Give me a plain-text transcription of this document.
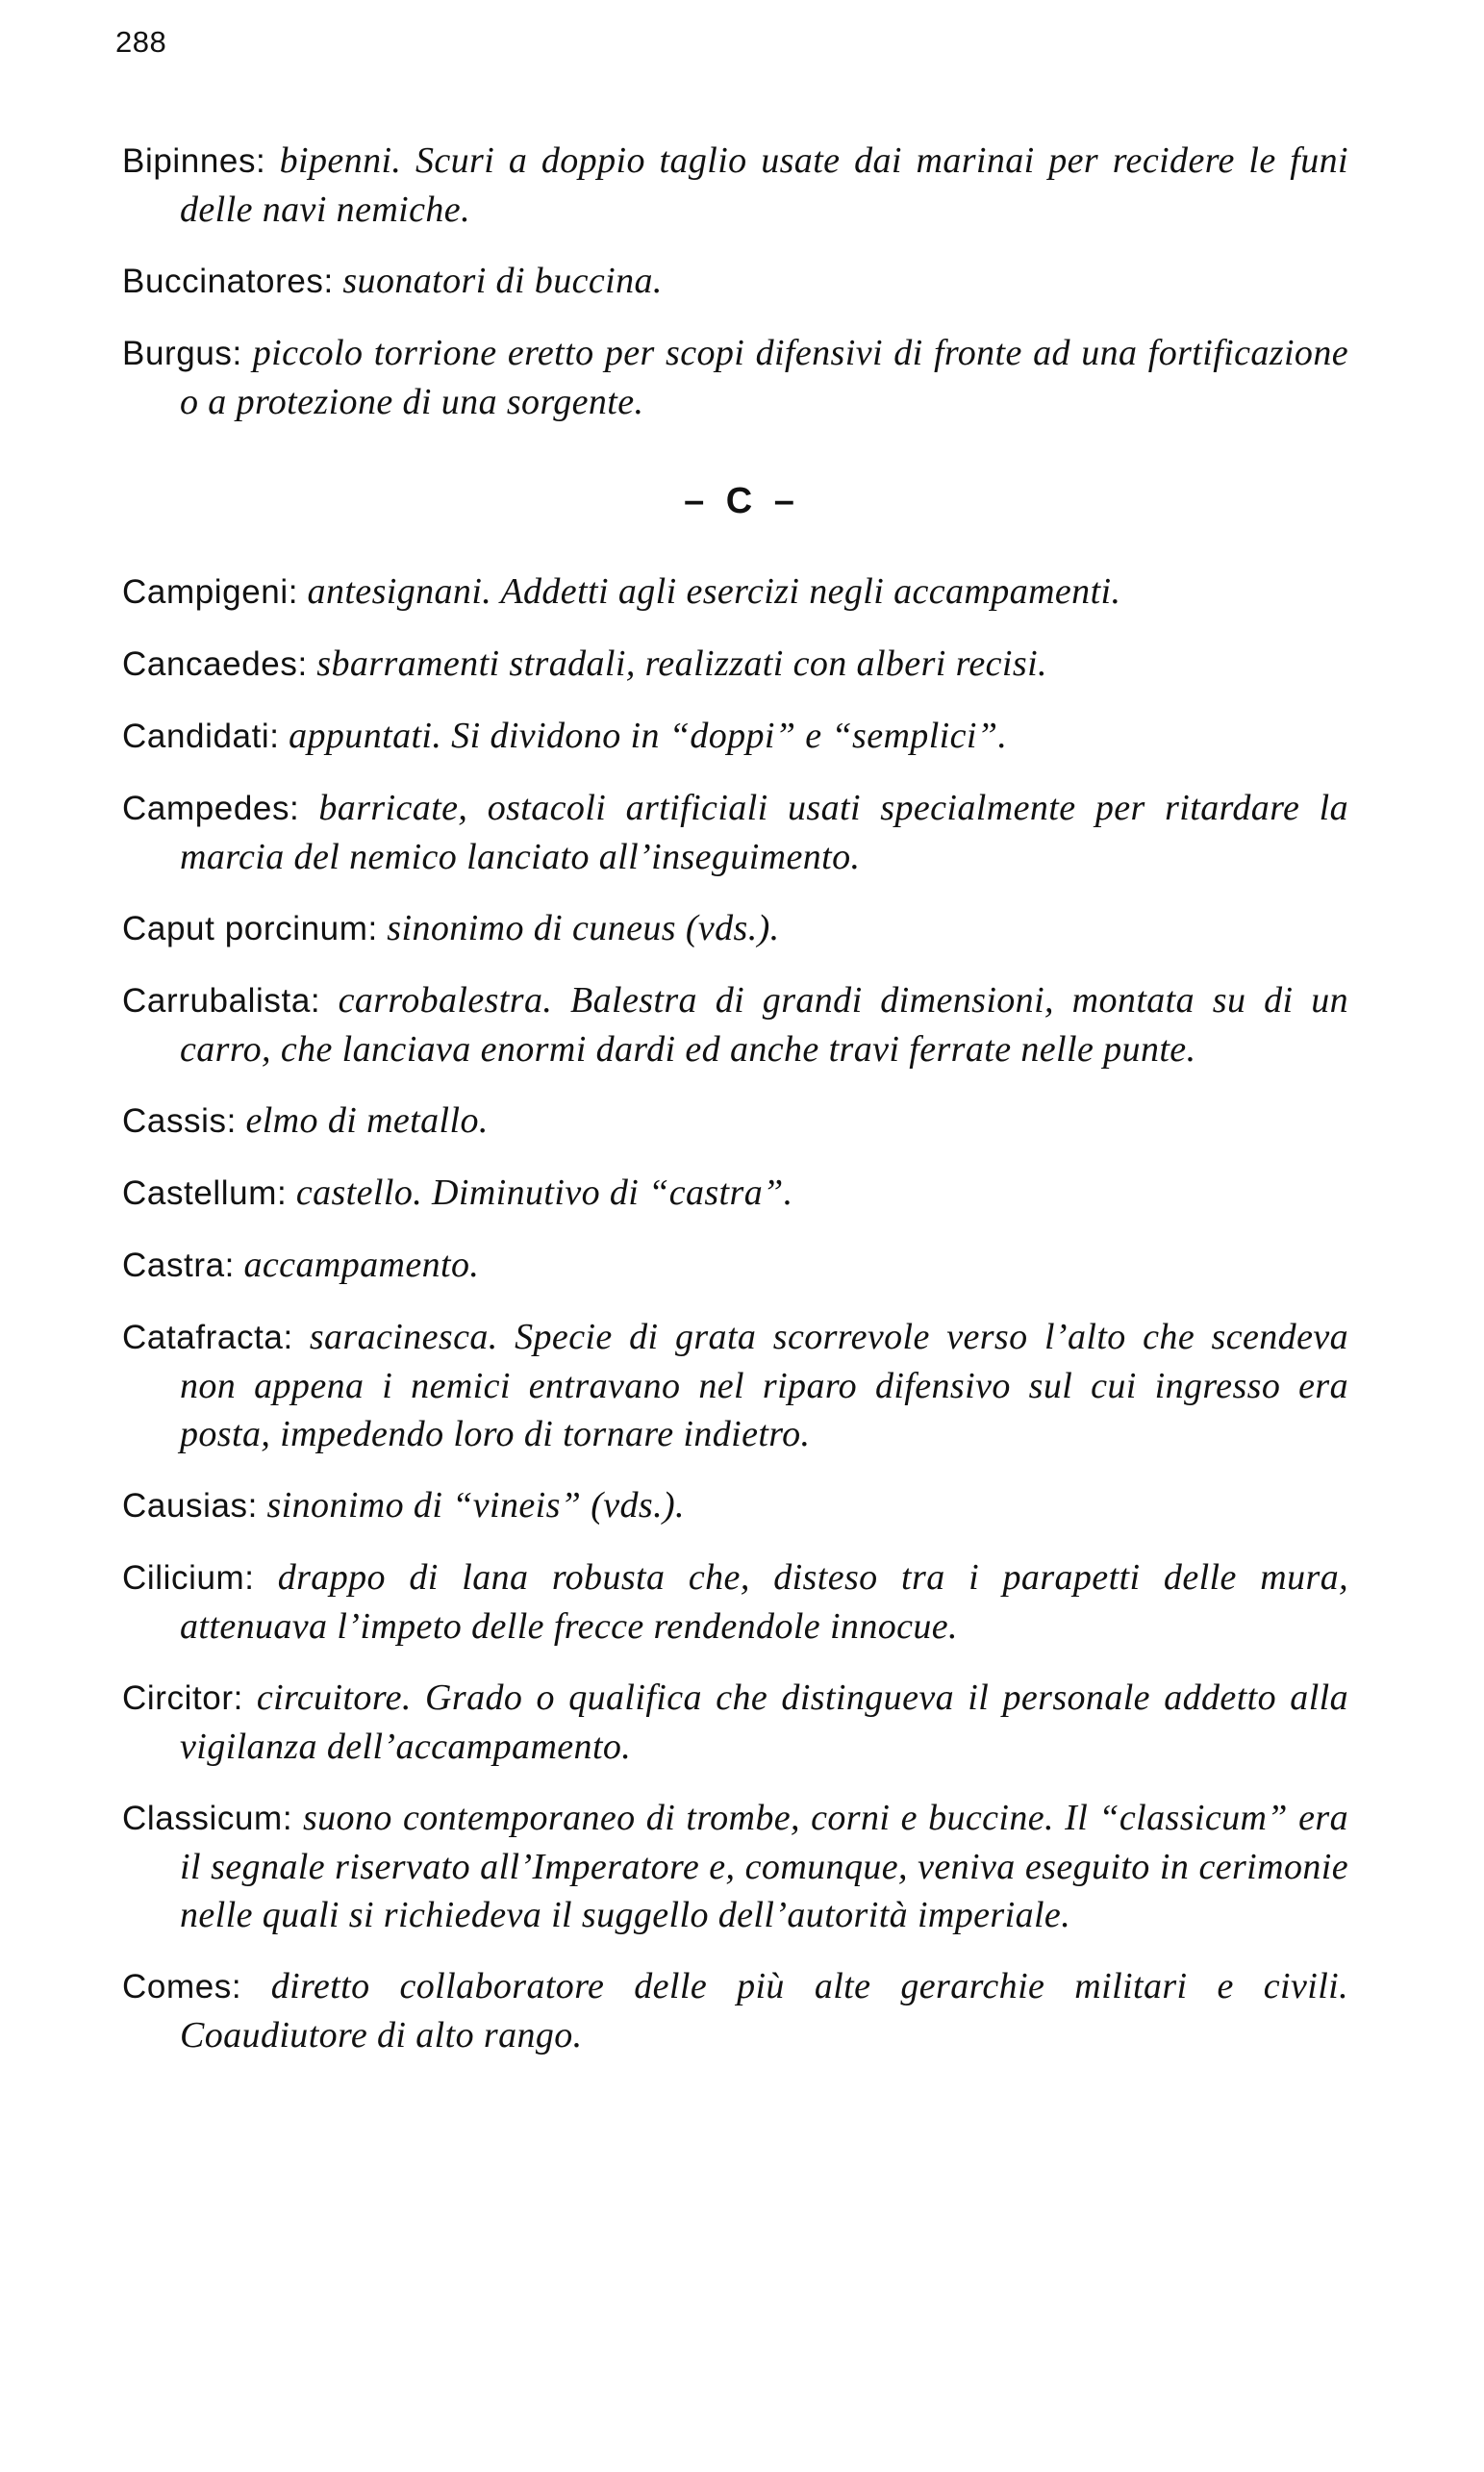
288

Bipinnes: bipenni. Scuri a doppio taglio usate dai marinai per recidere le funi delle navi nemiche.

Buccinatores: suonatori di buccina.

Burgus: piccolo torrione eretto per scopi difensivi di fronte ad una fortificazione o a protezione di una sorgente.

– C –

Campigeni: antesignani. Addetti agli esercizi negli accampamenti.

Cancaedes: sbarramenti stradali, realizzati con alberi recisi.

Candidati: appuntati. Si dividono in “doppi” e “semplici”.

Campedes: barricate, ostacoli artificiali usati specialmente per ritardare la marcia del nemico lanciato all’inseguimento.

Caput porcinum: sinonimo di cuneus (vds.).

Carrubalista: carrobalestra. Balestra di grandi dimensioni, montata su di un carro, che lanciava enormi dardi ed anche travi ferrate nelle punte.

Cassis: elmo di metallo.

Castellum: castello. Diminutivo di “castra”.

Castra: accampamento.

Catafracta: saracinesca. Specie di grata scorrevole verso l’alto che scendeva non appena i nemici entravano nel riparo difensivo sul cui ingresso era posta, impedendo loro di tornare indietro.

Causias: sinonimo di “vineis” (vds.).

Cilicium: drappo di lana robusta che, disteso tra i parapetti delle mura, attenuava l’impeto delle frecce rendendole innocue.

Circitor: circuitore. Grado o qualifica che distingueva il personale addetto alla vigilanza dell’accampamento.

Classicum: suono contemporaneo di trombe, corni e buccine. Il “classicum” era il segnale riservato all’Imperatore e, comunque, veniva eseguito in cerimonie nelle quali si richiedeva il suggello dell’autorità imperiale.

Comes: diretto collaboratore delle più alte gerarchie militari e civili. Coaudiutore di alto rango.
